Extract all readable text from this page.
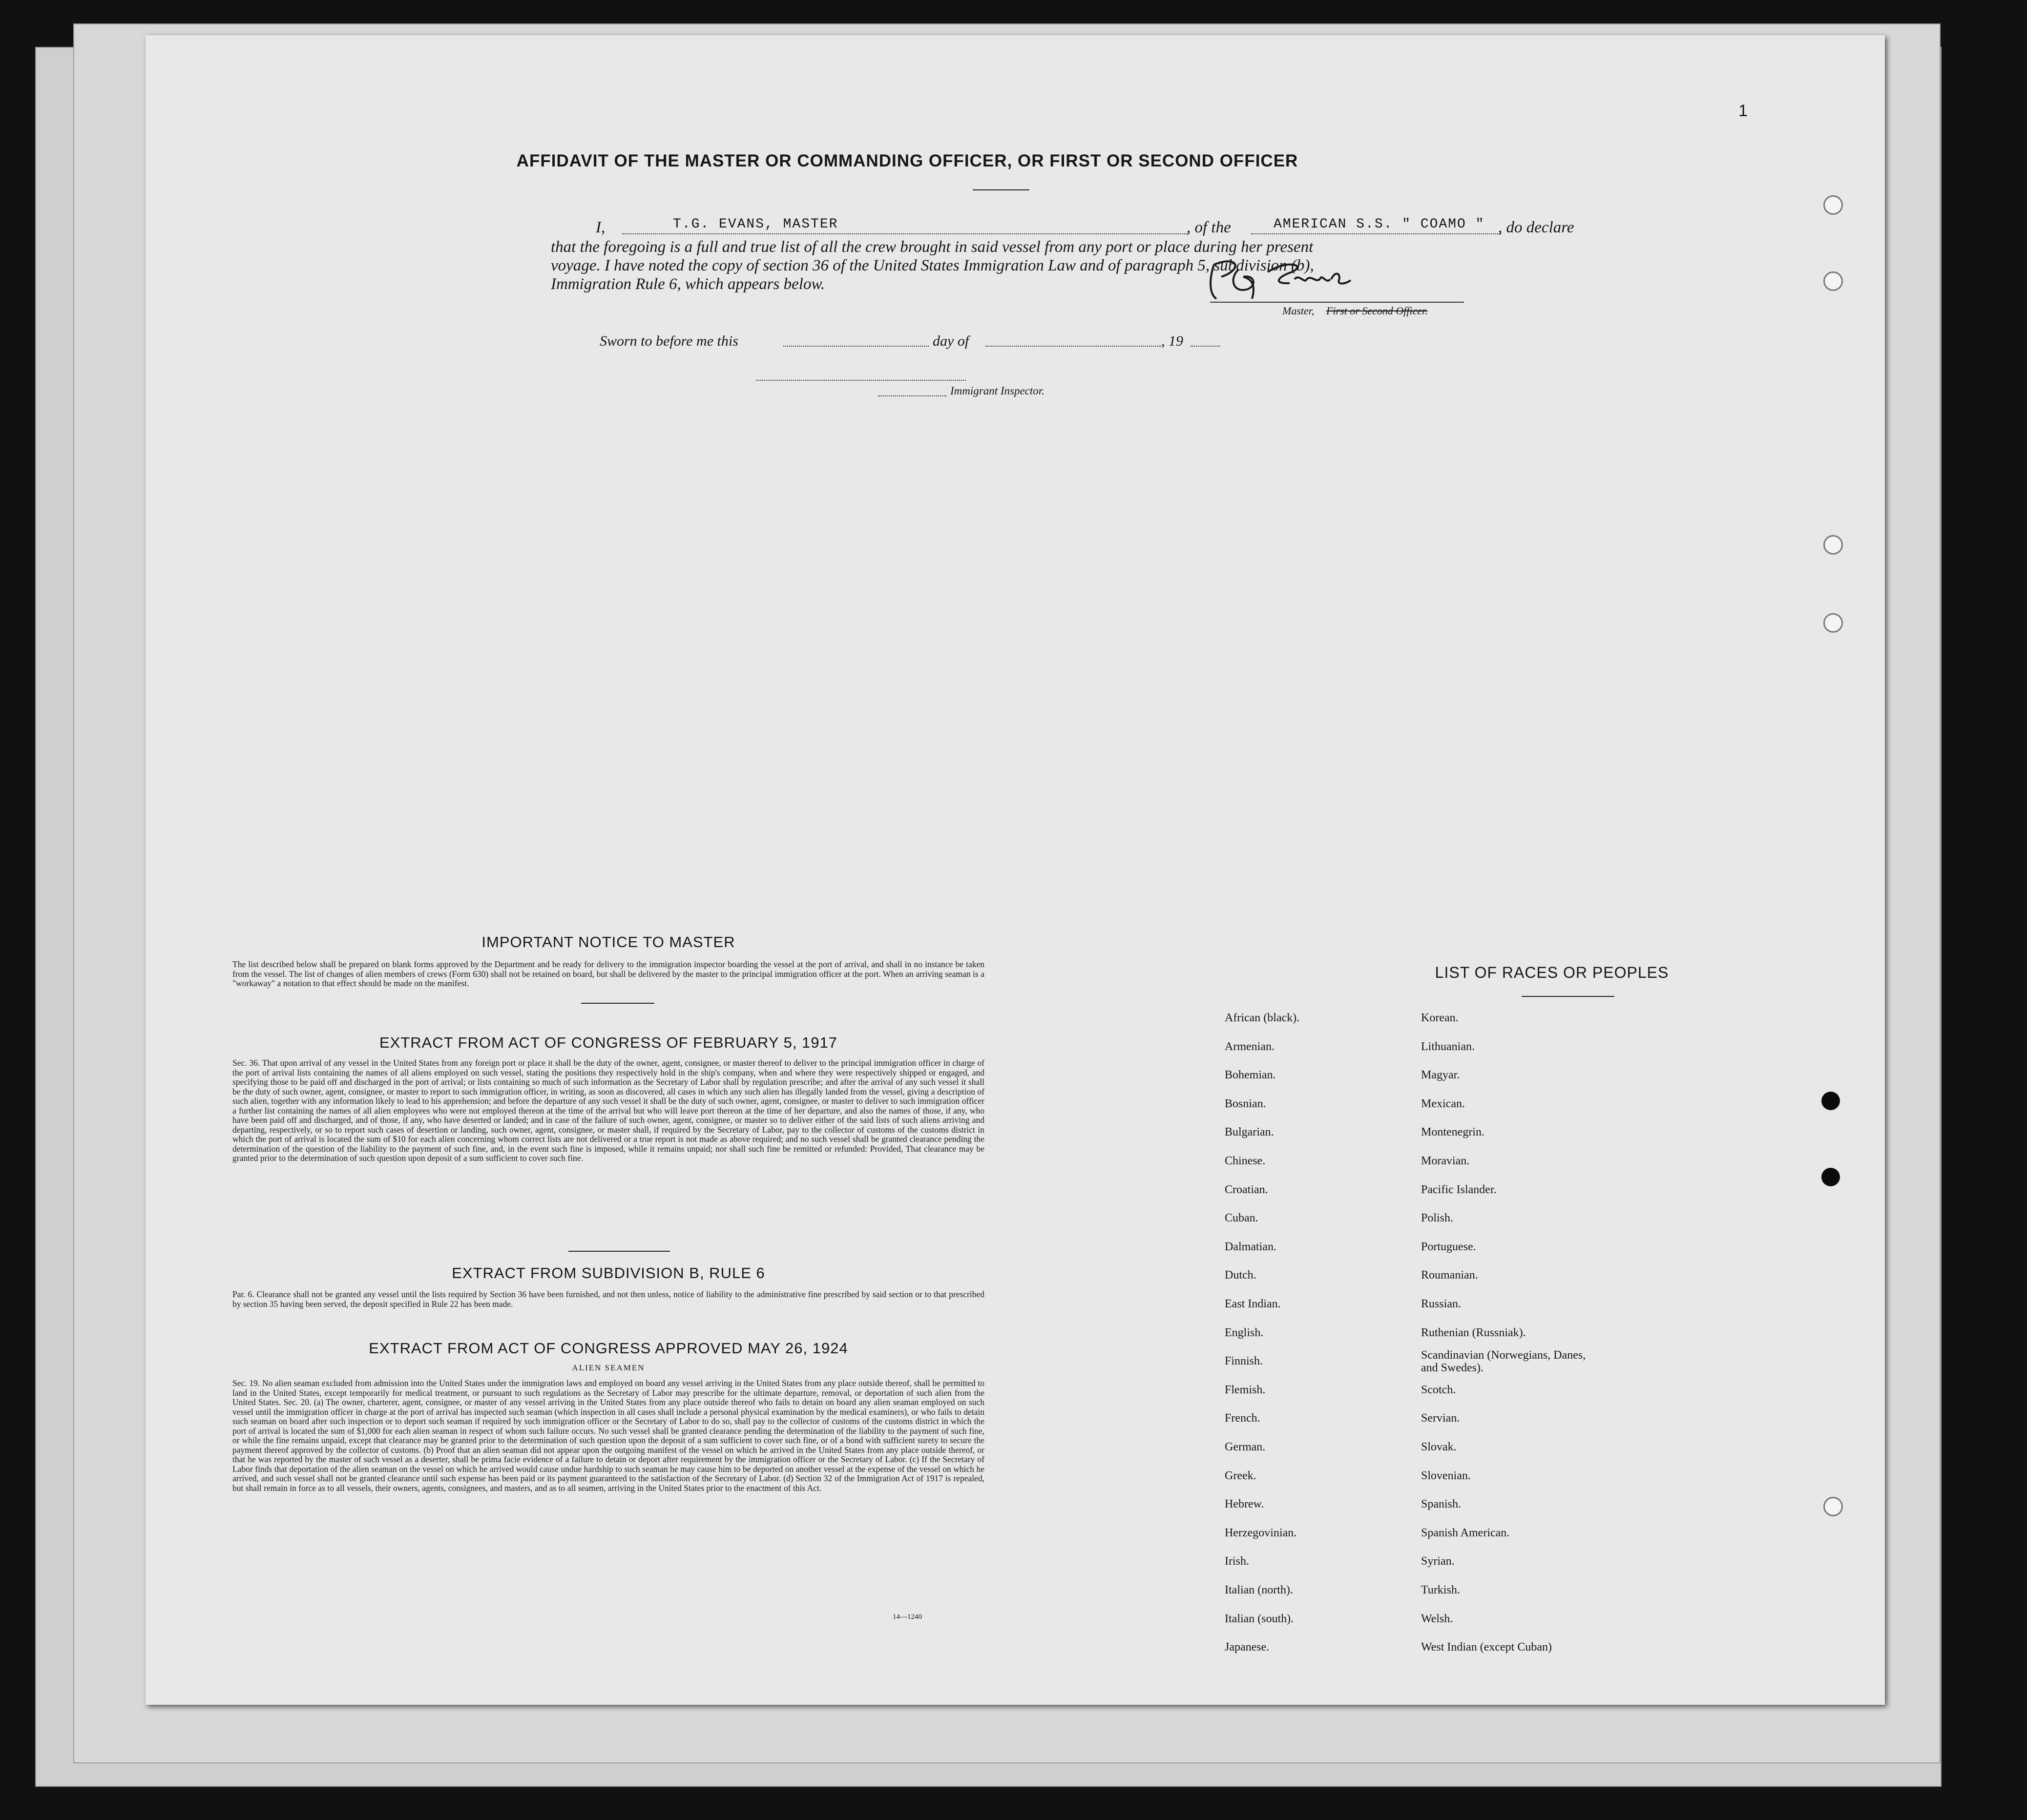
1
AFFIDAVIT OF THE MASTER OR COMMANDING OFFICER, OR FIRST OR SECOND OFFICER
I,	T.G. EVANS, MASTER	, of the	AMERICAN S.S. " COAMO " , do declare
that the foregoing is a full and true list of all the crew brought in said vessel from any port or place during her present
voyage. I have noted the copy of section 36 of the United States Immigration Law and of paragraph 5, subdivision (b),
Immigration Rule 6, which appears below.
Master, First or Second Officer.
Sworn to before me this	day of	, 19
Immigrant Inspector.
IMPORTANT NOTICE TO MASTER
The list described below shall be prepared on blank forms approved by the Department and be ready for delivery to the immigration inspector boarding the vessel at the port of arrival, and shall in no instance be taken from the vessel. The list of changes of alien members of crews (Form 630) shall not be retained on board, but shall be delivered by the master to the principal immigration officer at the port. When an arriving seaman is a "workaway" a notation to that effect should be made on the manifest.
EXTRACT FROM ACT OF CONGRESS OF FEBRUARY 5, 1917
Sec. 36. That upon arrival of any vessel in the United States from any foreign port or place it shall be the duty of the owner, agent, consignee, or master thereof to deliver to the principal immigration officer in charge of the port of arrival lists containing the names of all aliens employed on such vessel, stating the positions they respectively hold in the ship's company, when and where they were respectively shipped or engaged, and specifying those to be paid off and discharged in the port of arrival; or lists containing so much of such information as the Secretary of Labor shall by regulation prescribe; and after the arrival of any such vessel it shall be the duty of such owner, agent, consignee, or master to report to such immigration officer, in writing, as soon as discovered, all cases in which any such alien has illegally landed from the vessel, giving a description of such alien, together with any information likely to lead to his apprehension; and before the departure of any such vessel it shall be the duty of such owner, agent, consignee, or master to deliver to such immigration officer a further list containing the names of all alien employees who were not employed thereon at the time of the arrival but who will leave port thereon at the time of her departure, and also the names of those, if any, who have been paid off and discharged, and of those, if any, who have deserted or landed; and in case of the failure of such owner, agent, consignee, or master so to deliver either of the said lists of such aliens arriving and departing, respectively, or so to report such cases of desertion or landing, such owner, agent, consignee, or master shall, if required by the Secretary of Labor, pay to the collector of customs of the customs district in which the port of arrival is located the sum of $10 for each alien concerning whom correct lists are not delivered or a true report is not made as above required; and no such vessel shall be granted clearance pending the determination of the question of the liability to the payment of such fine, and, in the event such fine is imposed, while it remains unpaid; nor shall such fine be remitted or refunded: Provided, That clearance may be granted prior to the determination of such question upon deposit of a sum sufficient to cover such fine.
EXTRACT FROM SUBDIVISION B, RULE 6
Par. 6. Clearance shall not be granted any vessel until the lists required by Section 36 have been furnished, and not then unless, notice of liability to the administrative fine prescribed by said section or to that prescribed by section 35 having been served, the deposit specified in Rule 22 has been made.
EXTRACT FROM ACT OF CONGRESS APPROVED MAY 26, 1924
ALIEN SEAMEN
Sec. 19. No alien seaman excluded from admission into the United States under the immigration laws and employed on board any vessel arriving in the United States from any place outside thereof, shall be permitted to land in the United States, except temporarily for medical treatment, or pursuant to such regulations as the Secretary of Labor may prescribe for the ultimate departure, removal, or deportation of such alien from the United States. Sec. 20. (a) The owner, charterer, agent, consignee, or master of any vessel arriving in the United States from any place outside thereof who fails to detain on board any alien seaman employed on such vessel until the immigration officer in charge at the port of arrival has inspected such seaman (which inspection in all cases shall include a personal physical examination by the medical examiners), or who fails to detain such seaman on board after such inspection or to deport such seaman if required by such immigration officer or the Secretary of Labor to do so, shall pay to the collector of customs of the customs district in which the port of arrival is located the sum of $1,000 for each alien seaman in respect of whom such failure occurs. No such vessel shall be granted clearance pending the determination of the liability to the payment of such fine, or while the fine remains unpaid, except that clearance may be granted prior to the determination of such question upon the deposit of a sum sufficient to cover such fine, or of a bond with sufficient surety to secure the payment thereof approved by the collector of customs. (b) Proof that an alien seaman did not appear upon the outgoing manifest of the vessel on which he arrived in the United States from any place outside thereof, or that he was reported by the master of such vessel as a deserter, shall be prima facie evidence of a failure to detain or deport after requirement by the immigration officer or the Secretary of Labor. (c) If the Secretary of Labor finds that deportation of the alien seaman on the vessel on which he arrived would cause undue hardship to such seaman he may cause him to be deported on another vessel at the expense of the vessel on which he arrived, and such vessel shall not be granted clearance until such expense has been paid or its payment guaranteed to the satisfaction of the Secretary of Labor. (d) Section 32 of the Immigration Act of 1917 is repealed, but shall remain in force as to all vessels, their owners, agents, consignees, and masters, and as to all seamen, arriving in the United States prior to the enactment of this Act.
14—1240
LIST OF RACES OR PEOPLES
African (black).
Armenian.
Bohemian.
Bosnian.
Bulgarian.
Chinese.
Croatian.
Cuban.
Dalmatian.
Dutch.
East Indian.
English.
Finnish.
Flemish.
French.
German.
Greek.
Hebrew.
Herzegovinian.
Irish.
Italian (north).
Italian (south).
Japanese.
Korean.
Lithuanian.
Magyar.
Mexican.
Montenegrin.
Moravian.
Pacific Islander.
Polish.
Portuguese.
Roumanian.
Russian.
Ruthenian (Russniak).
Scandinavian (Norwegians, Danes, and Swedes).
Scotch.
Servian.
Slovak.
Slovenian.
Spanish.
Spanish American.
Syrian.
Turkish.
Welsh.
West Indian (except Cuban)
